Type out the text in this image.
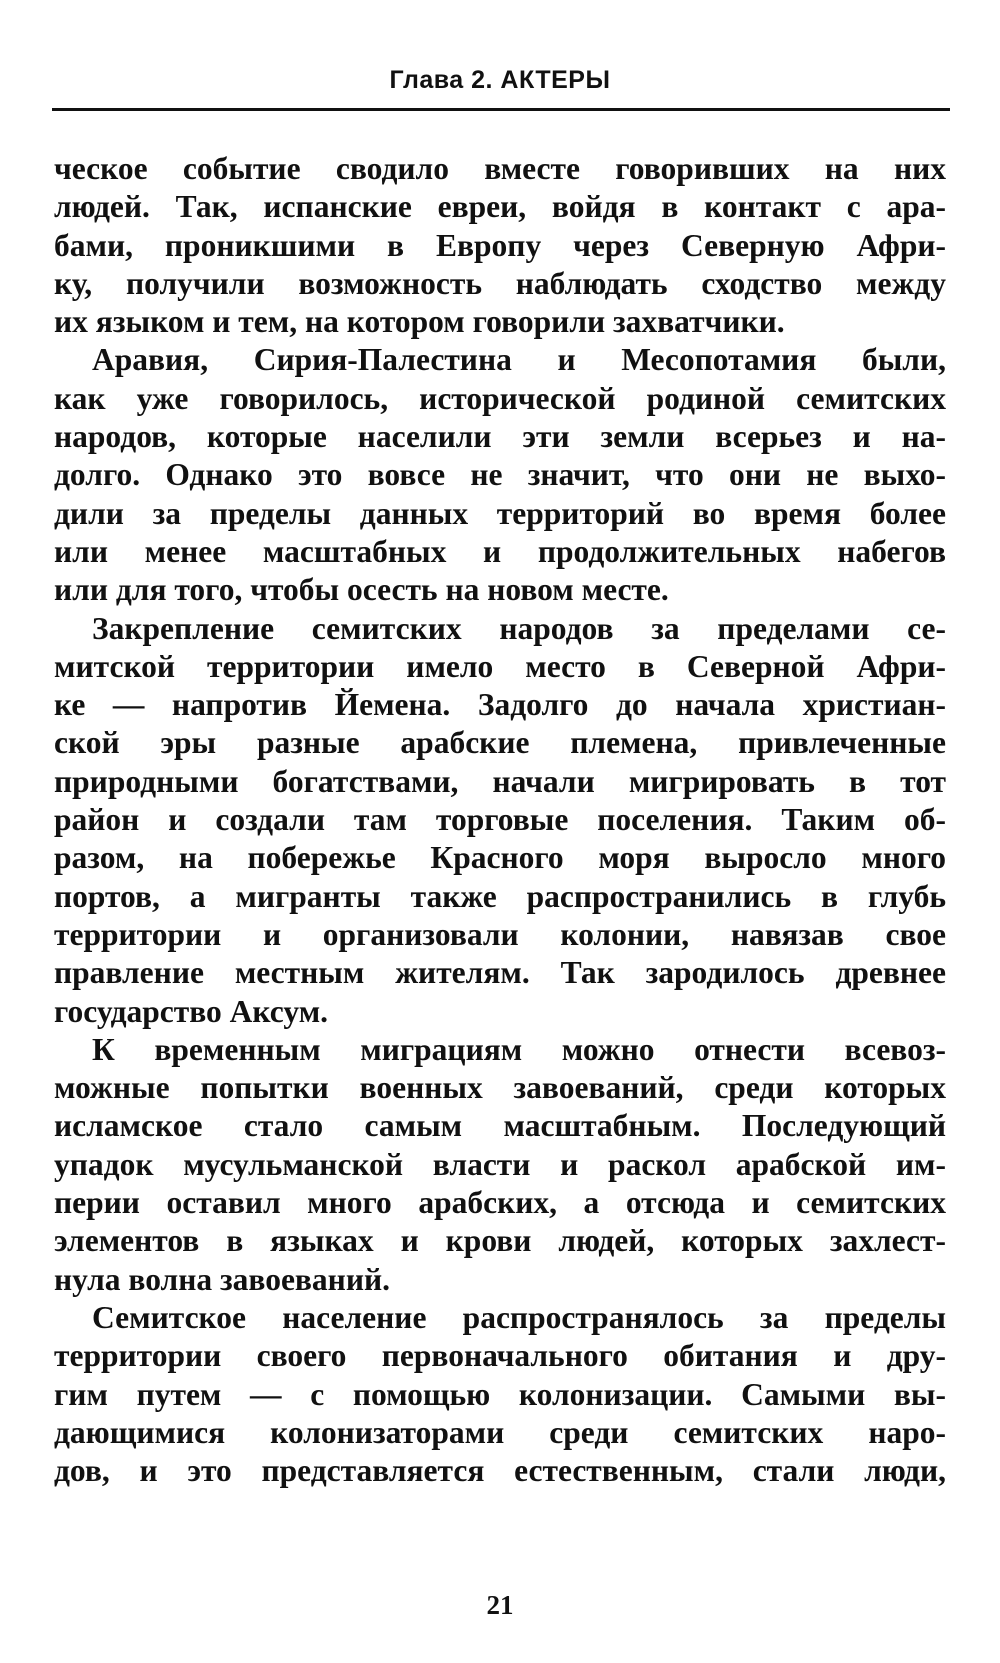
Глава 2. АКТЕРЫ
ческое событие сводило вместе говоривших на них
людей. Так, испанские евреи, войдя в контакт с ара-
бами, проникшими в Европу через Северную Афри-
ку, получили возможность наблюдать сходство между
их языком и тем, на котором говорили захватчики.
Аравия, Сирия-Палестина и Месопотамия были,
как уже говорилось, исторической родиной семитских
народов, которые населили эти земли всерьез и на-
долго. Однако это вовсе не значит, что они не выхо-
дили за пределы данных территорий во время более
или менее масштабных и продолжительных набегов
или для того, чтобы осесть на новом месте.
Закрепление семитских народов за пределами се-
митской территории имело место в Северной Афри-
ке — напротив Йемена. Задолго до начала христиан-
ской эры разные арабские племена, привлеченные
природными богатствами, начали мигрировать в тот
район и создали там торговые поселения. Таким об-
разом, на побережье Красного моря выросло много
портов, а мигранты также распространились в глубь
территории и организовали колонии, навязав свое
правление местным жителям. Так зародилось древнее
государство Аксум.
К временным миграциям можно отнести всевоз-
можные попытки военных завоеваний, среди которых
исламское стало самым масштабным. Последующий
упадок мусульманской власти и раскол арабской им-
перии оставил много арабских, а отсюда и семитских
элементов в языках и крови людей, которых захлест-
нула волна завоеваний.
Семитское население распространялось за пределы
территории своего первоначального обитания и дру-
гим путем — с помощью колонизации. Самыми вы-
дающимися колонизаторами среди семитских наро-
дов, и это представляется естественным, стали люди,
21
